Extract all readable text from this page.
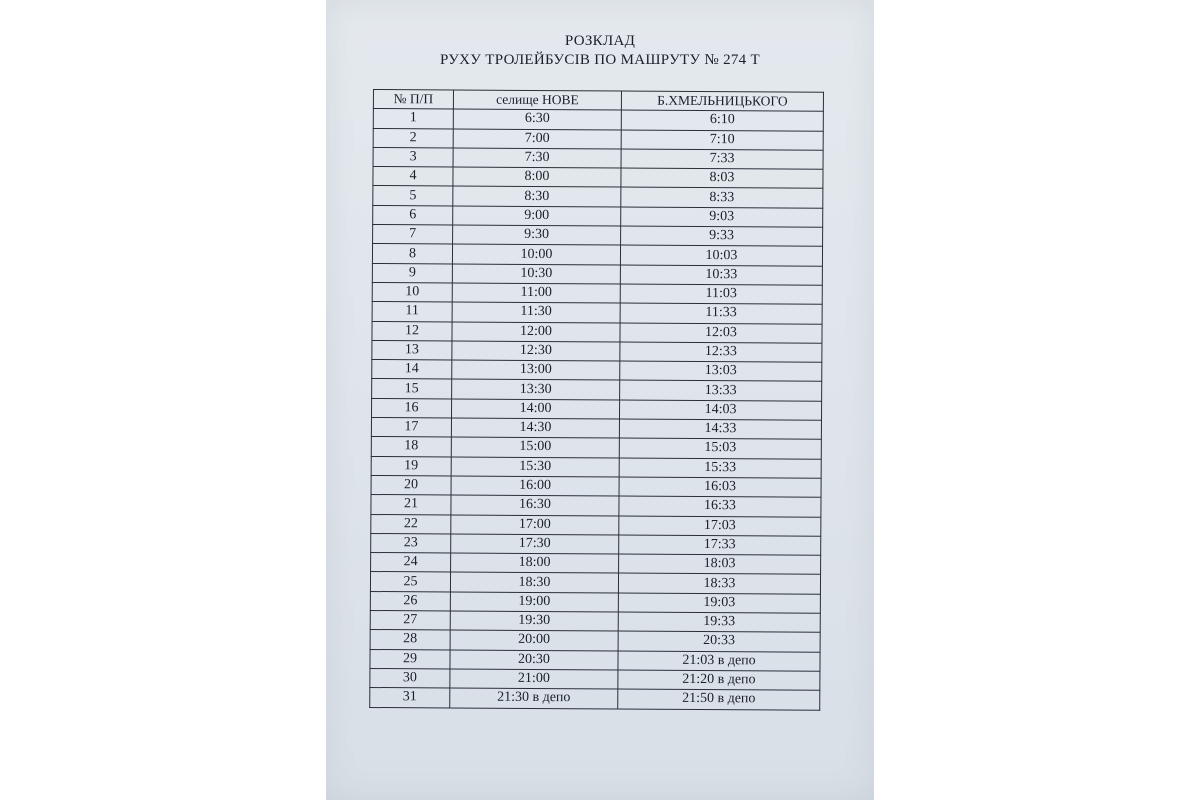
РОЗКЛАД
РУХУ ТРОЛЕЙБУСІВ ПО МАШРУТУ № 274 Т
№ П/П	селище НОВЕ	Б.ХМЕЛЬНИЦЬКОГО
1	6:30	6:10
2	7:00	7:10
3	7:30	7:33
4	8:00	8:03
5	8:30	8:33
6	9:00	9:03
7	9:30	9:33
8	10:00	10:03
9	10:30	10:33
10	11:00	11:03
11	11:30	11:33
12	12:00	12:03
13	12:30	12:33
14	13:00	13:03
15	13:30	13:33
16	14:00	14:03
17	14:30	14:33
18	15:00	15:03
19	15:30	15:33
20	16:00	16:03
21	16:30	16:33
22	17:00	17:03
23	17:30	17:33
24	18:00	18:03
25	18:30	18:33
26	19:00	19:03
27	19:30	19:33
28	20:00	20:33
29	20:30	21:03 в депо
30	21:00	21:20 в депо
31	21:30 в депо	21:50 в депо
